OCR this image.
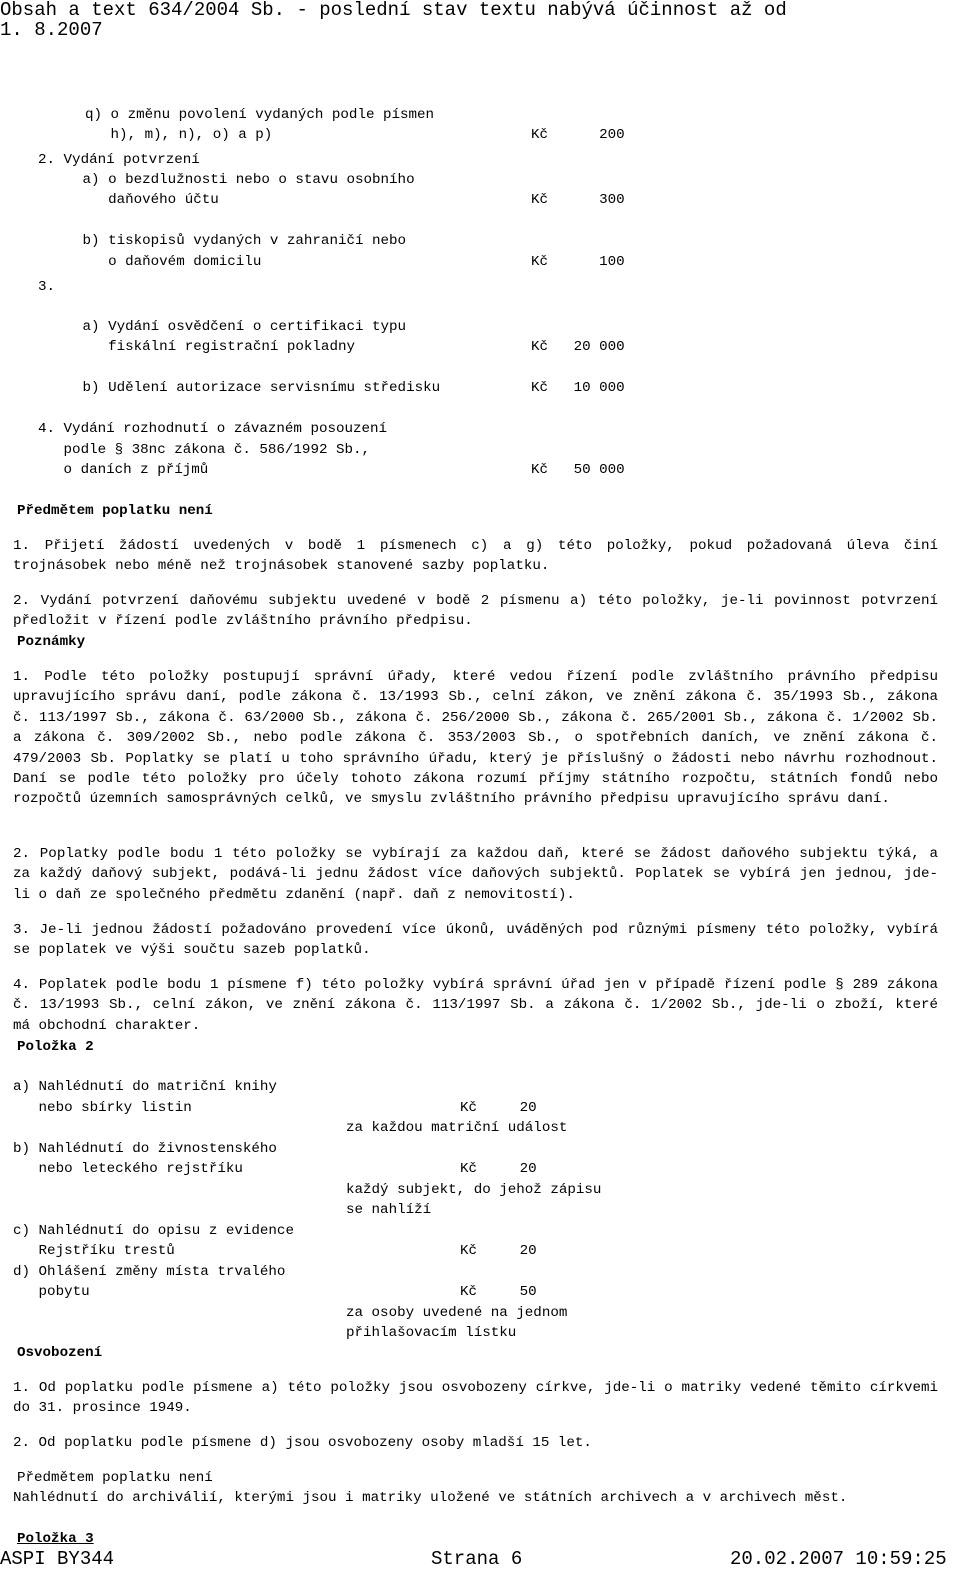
Obsah a text 634/2004 Sb. - poslední stav textu nabývá účinnost až od
1. 8.2007
q) o změnu povolení vydaných podle písmen
h), m), n), o) a p)	Kč      200
2. Vydání potvrzení
a) o bezdlužnosti nebo o stavu osobního
daňového účtu	Kč      300
b) tiskopisů vydaných v zahraničí nebo
o daňovém domicilu	Kč      100
3.
a) Vydání osvědčení o certifikaci typu
fiskální registrační pokladny	Kč   20 000
b) Udělení autorizace servisnímu středisku	Kč   10 000
4. Vydání rozhodnutí o závazném posouzení
podle § 38nc zákona č. 586/1992 Sb.,
o daních z příjmů	Kč   50 000
Předmětem poplatku není
1. Přijetí žádostí uvedených v bodě 1 písmenech c) a g) této položky, pokud požadovaná úleva činí trojnásobek nebo méně než trojnásobek stanovené sazby poplatku.
2. Vydání potvrzení daňovému subjektu uvedené v bodě 2 písmenu a) této položky, je-li povinnost potvrzení předložit v řízení podle zvláštního právního předpisu.
Poznámky
1. Podle této položky postupují správní úřady, které vedou řízení podle zvláštního právního předpisu upravujícího správu daní, podle zákona č. 13/1993 Sb., celní zákon, ve znění zákona č. 35/1993 Sb., zákona č. 113/1997 Sb., zákona č. 63/2000 Sb., zákona č. 256/2000 Sb., zákona č. 265/2001 Sb., zákona č. 1/2002 Sb. a zákona č. 309/2002 Sb., nebo podle zákona č. 353/2003 Sb., o spotřebních daních, ve znění zákona č. 479/2003 Sb. Poplatky se platí u toho správního úřadu, který je příslušný o žádosti nebo návrhu rozhodnout. Daní se podle této položky pro účely tohoto zákona rozumí příjmy státního rozpočtu, státních fondů nebo rozpočtů územních samosprávných celků, ve smyslu zvláštního právního předpisu upravujícího správu daní.
2. Poplatky podle bodu 1 této položky se vybírají za každou daň, které se žádost daňového subjektu týká, a za každý daňový subjekt, podává-li jednu žádost více daňových subjektů. Poplatek se vybírá jen jednou, jde-li o daň ze společného předmětu zdanění (např. daň z nemovitostí).
3. Je-li jednou žádostí požadováno provedení více úkonů, uváděných pod různými písmeny této položky, vybírá se poplatek ve výši součtu sazeb poplatků.
4. Poplatek podle bodu 1 písmene f) této položky vybírá správní úřad jen v případě řízení podle § 289 zákona č. 13/1993 Sb., celní zákon, ve znění zákona č. 113/1997 Sb. a zákona č. 1/2002 Sb., jde-li o zboží, které má obchodní charakter.
Položka 2
a) Nahlédnutí do matriční knihy
nebo sbírky listin	Kč     20
za každou matriční událost
b) Nahlédnutí do živnostenského
nebo leteckého rejstříku	Kč     20
každý subjekt, do jehož zápisu
se nahlíží
c) Nahlédnutí do opisu z evidence
Rejstříku trestů	Kč     20
d) Ohlášení změny místa trvalého
pobytu	Kč     50
za osoby uvedené na jednom
přihlašovacím lístku
Osvobození
1. Od poplatku podle písmene a) této položky jsou osvobozeny církve, jde-li o matriky vedené těmito církvemi do 31. prosince 1949.
2. Od poplatku podle písmene d) jsou osvobozeny osoby mladší 15 let.
Předmětem poplatku není
Nahlédnutí do archiválií, kterými jsou i matriky uložené ve státních archivech a v archivech měst.
Položka 3
ASPI BY344	Strana 6	20.02.2007 10:59:25
